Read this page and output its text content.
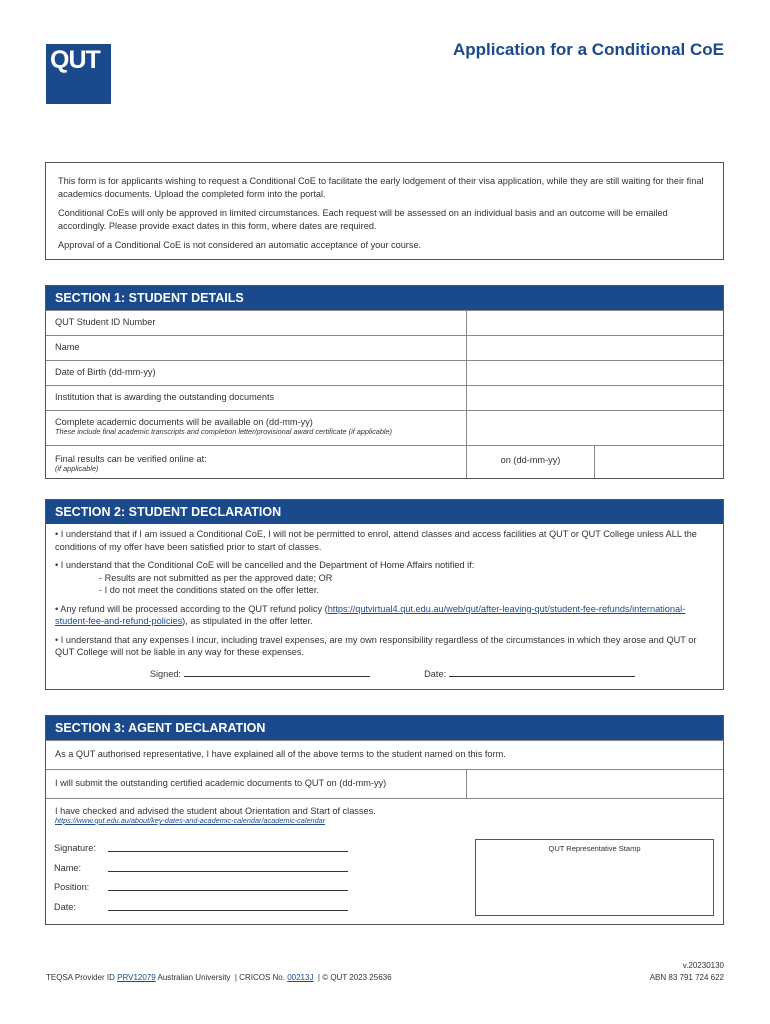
QUT	Application for a Conditional CoE

This form is for applicants wishing to request a Conditional CoE to facilitate the early lodgement of their visa application, while they are still waiting for their final academics documents. Upload the completed form into the portal.

Conditional CoEs will only be approved in limited circumstances. Each request will be assessed on an individual basis and an outcome will be emailed accordingly. Please provide exact dates in this form, where dates are required.

Approval of a Conditional CoE is not considered an automatic acceptance of your course.

SECTION 1: STUDENT DETAILS
QUT Student ID Number
Name
Date of Birth (dd-mm-yy)
Institution that is awarding the outstanding documents
Complete academic documents will be available on (dd-mm-yy)
These include final academic transcripts and completion letter/provisional award certificate (if applicable)
Final results can be verified online at:
(if applicable)
on (dd-mm-yy)
SECTION 2: STUDENT DECLARATION

• I understand that if I am issued a Conditional CoE, I will not be permitted to enrol, attend classes and access facilities at QUT or QUT College unless ALL the conditions of my offer have been satisfied prior to start of classes.

• I understand that the Conditional CoE will be cancelled and the Department of Home Affairs notified if:
- Results are not submitted as per the approved date; OR
- I do not meet the conditions stated on the offer letter.

• Any refund will be processed according to the QUT refund policy (https://qutvirtual4.qut.edu.au/web/qut/after-leaving-qut/student-fee-refunds/international-student-fee-and-refund-policies), as stipulated in the offer letter.

• I understand that any expenses I incur, including travel expenses, are my own responsibility regardless of the circumstances in which they arose and QUT or QUT College will not be liable in any way for these expenses.

Signed:	Date:
SECTION 3: AGENT DECLARATION
As a QUT authorised representative, I have explained all of the above terms to the student named on this form.
I will submit the outstanding certified academic documents to QUT on (dd-mm-yy)
I have checked and advised the student about Orientation and Start of classes.
https://www.qut.edu.au/about/key-dates-and-academic-calendar/academic-calendar
Signature:
Name:
Position:
Date:
QUT Representative Stamp
v.20230130
TEQSA Provider ID PRV12079 Australian University | CRICOS No. 00213J | © QUT 2023 25636	ABN 83 791 724 622
